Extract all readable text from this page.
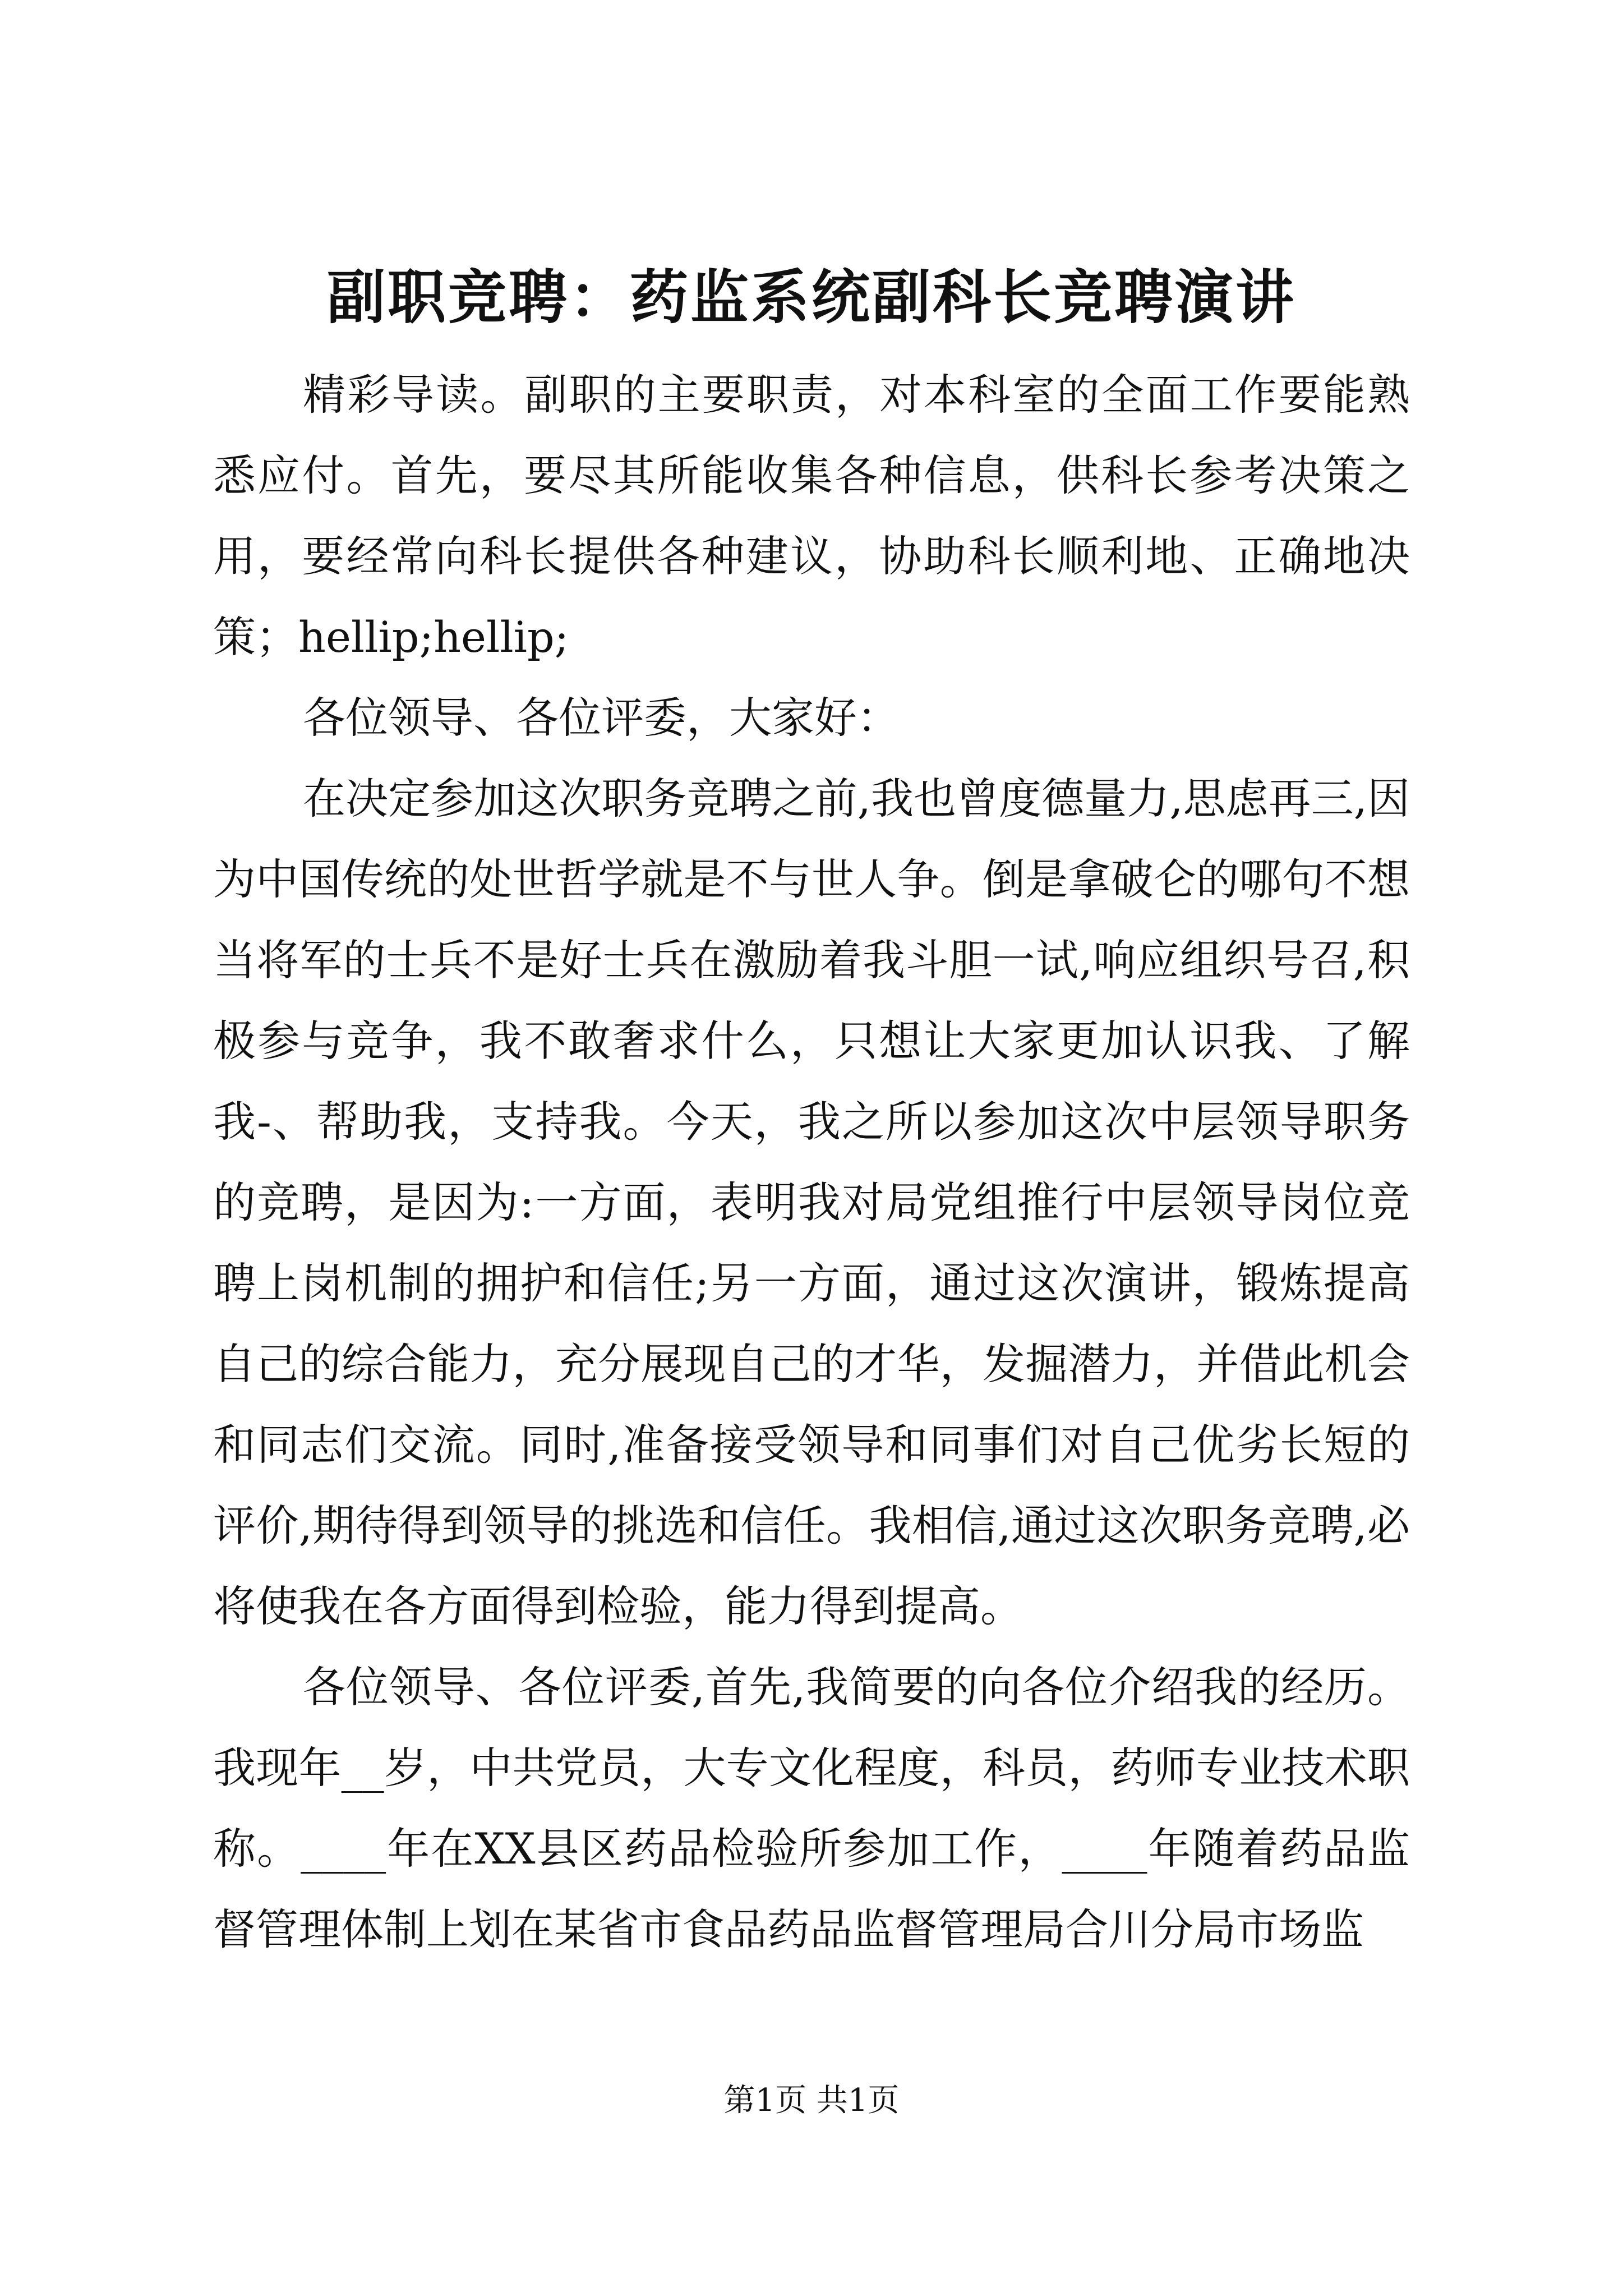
副职竞聘：药监系统副科长竞聘演讲

精彩导读。副职的主要职责，对本科室的全面工作要能熟悉应付。首先，要尽其所能收集各种信息，供科长参考决策之用，要经常向科长提供各种建议，协助科长顺利地、正确地决策；hellip;hellip;

各位领导、各位评委，大家好：

在决定参加这次职务竞聘之前,我也曾度德量力,思虑再三,因为中国传统的处世哲学就是不与世人争。倒是拿破仑的哪句不想当将军的士兵不是好士兵在激励着我斗胆一试,响应组织号召,积极参与竞争，我不敢奢求什么，只想让大家更加认识我、了解我-、帮助我，支持我。今天，我之所以参加这次中层领导职务的竞聘，是因为:一方面，表明我对局党组推行中层领导岗位竞聘上岗机制的拥护和信任;另一方面，通过这次演讲，锻炼提高自己的综合能力，充分展现自己的才华，发掘潜力，并借此机会和同志们交流。同时,准备接受领导和同事们对自己优劣长短的评价,期待得到领导的挑选和信任。我相信,通过这次职务竞聘,必将使我在各方面得到检验，能力得到提高。

各位领导、各位评委,首先,我简要的向各位介绍我的经历。我现年__岁，中共党员，大专文化程度，科员，药师专业技术职称。____年在XX县区药品检验所参加工作，____年随着药品监督管理体制上划在某省市食品药品监督管理局合川分局市场监

第1页 共1页
